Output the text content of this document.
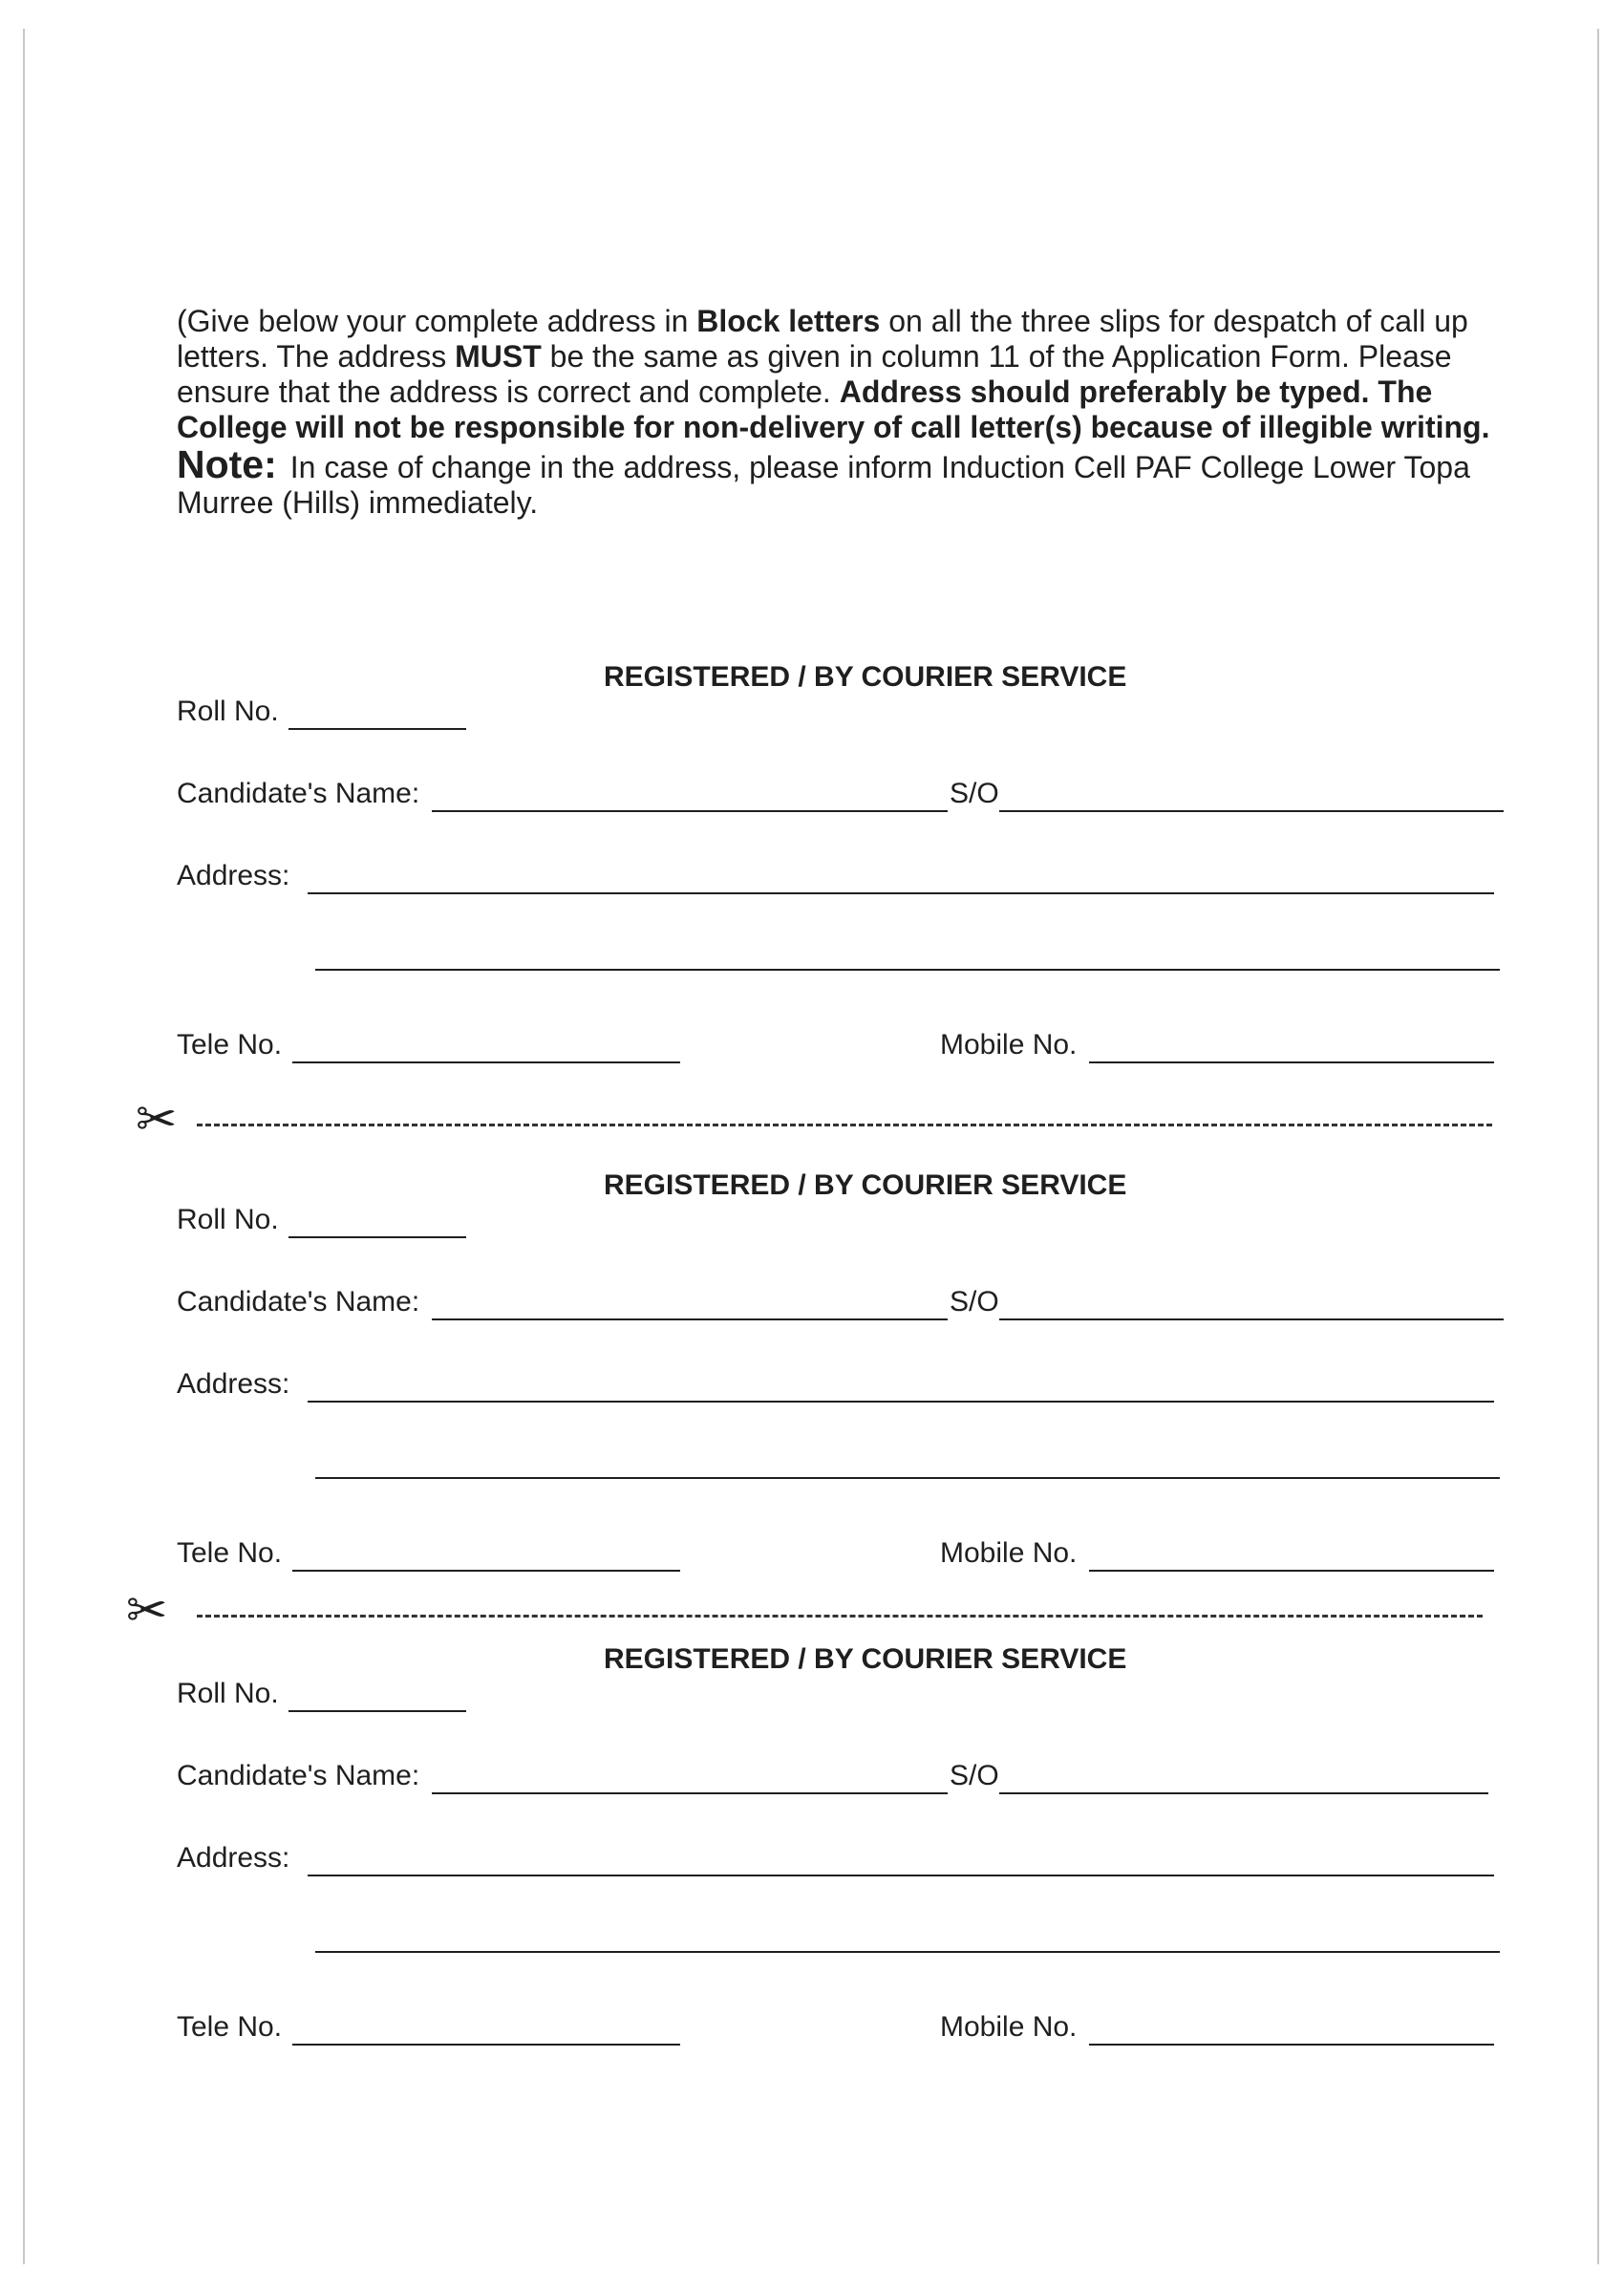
(Give below your complete address in Block letters on all the three slips for despatch of call up letters. The address MUST be the same as given in column 11 of the Application Form. Please ensure that the address is correct and complete. Address should preferably be typed. The College will not be responsible for non-delivery of call letter(s) because of illegible writing.
Note: In case of change in the address, please inform Induction Cell PAF College Lower Topa Murree (Hills) immediately.
REGISTERED / BY COURIER SERVICE
Roll No.
Candidate's Name:	S/O
Address:
Tele No.	Mobile No.
✂
REGISTERED / BY COURIER SERVICE
Roll No.
Candidate's Name:	S/O
Address:
Tele No.	Mobile No.
✂
REGISTERED / BY COURIER SERVICE
Roll No.
Candidate's Name:	S/O
Address:
Tele No.	Mobile No.
